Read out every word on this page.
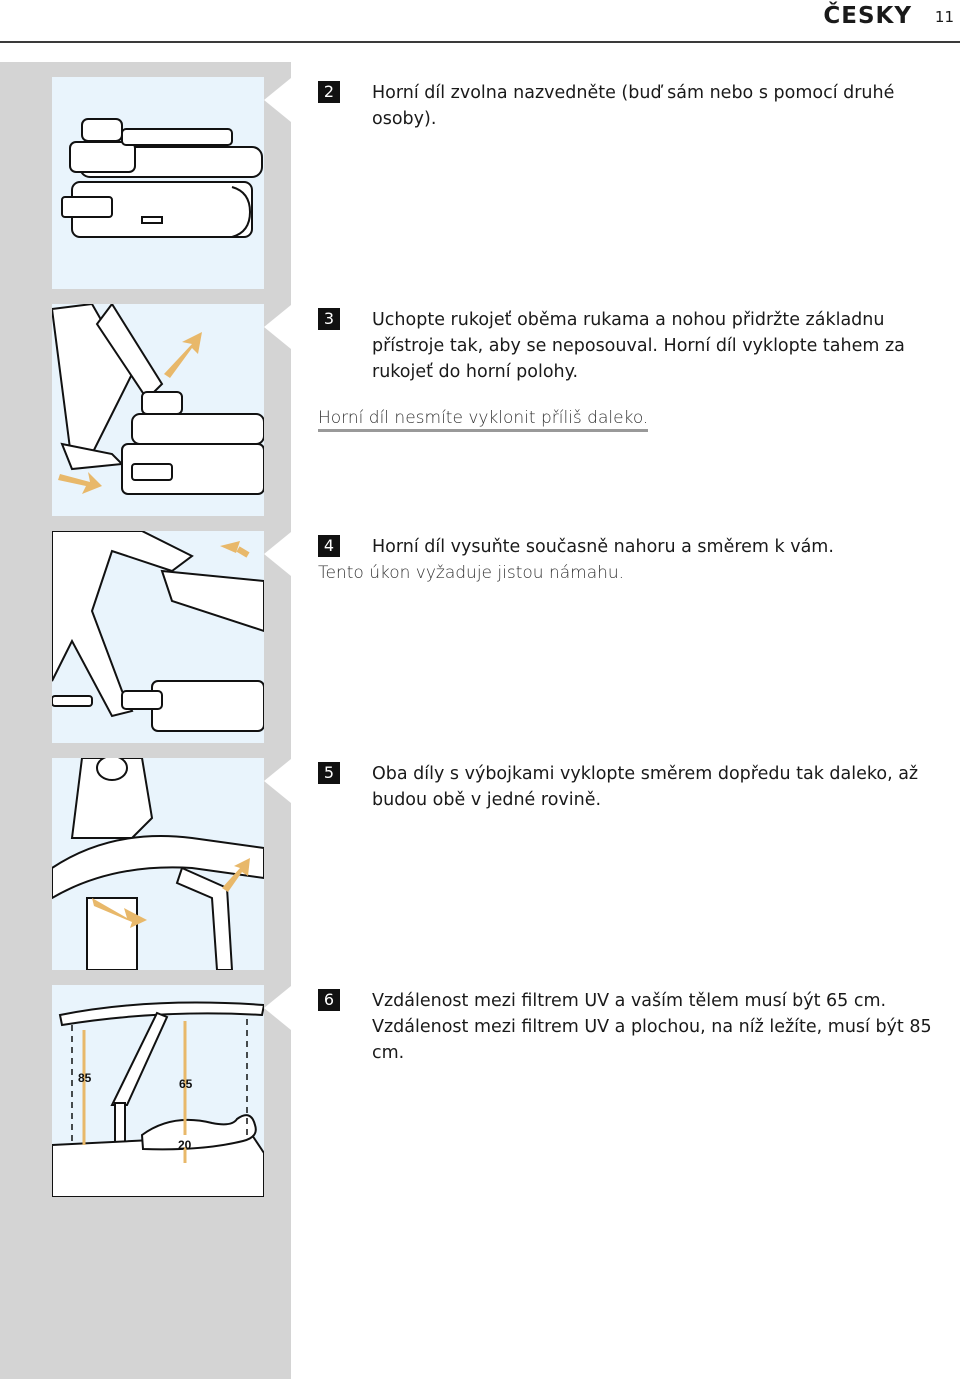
ČESKY 11
85	65
20
2 Horní díl zvolna nazvedněte (buď sám nebo s pomocí druhé
osoby).
3 Uchopte rukojeť oběma rukama a nohou přidržte základnu
přístroje tak, aby se neposouval. Horní díl vyklopte tahem za
rukojeť do horní polohy.
Horní díl nesmíte vyklonit příliš daleko.
4 Horní díl vysuňte současně nahoru a směrem k vám.
Tento úkon vyžaduje jistou námahu.
5 Oba díly s výbojkami vyklopte směrem dopředu tak daleko, až
budou obě v jedné rovině.
6 Vzdálenost mezi filtrem UV a vaším tělem musí být 65 cm.
Vzdálenost mezi filtrem UV a plochou, na níž ležíte, musí být 85
cm.
